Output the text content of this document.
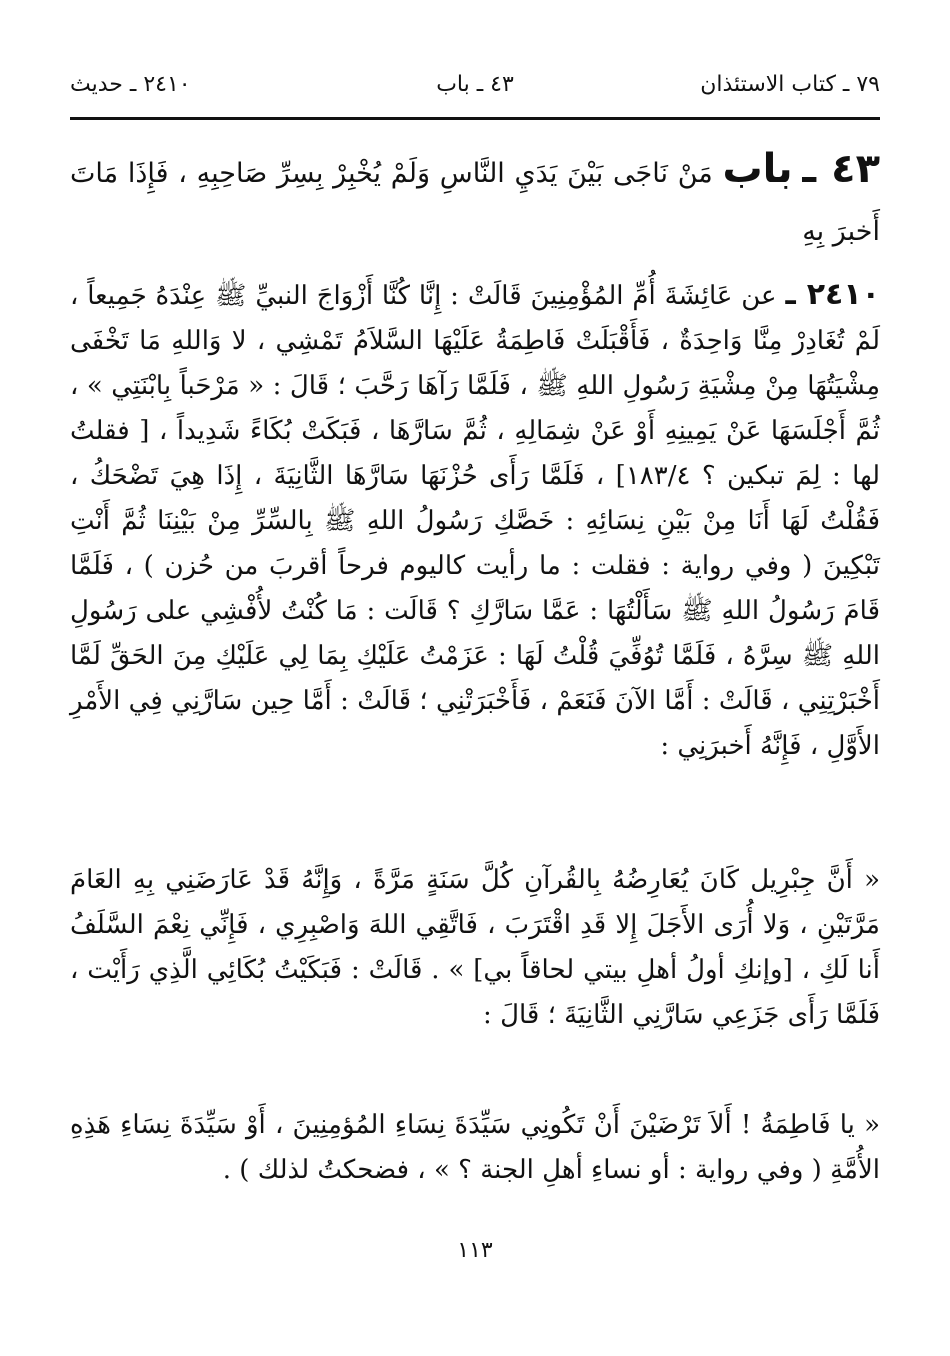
٧٩ ـ كتاب الاستئذان
٤٣ ـ باب
٢٤١٠ ـ حديث
٤٣ ـ باب مَنْ نَاجَى بَيْنَ يَدَيِ النَّاسِ وَلَمْ يُخْبِرْ بِسِرِّ صَاحِبِهِ ، فَإِذَا مَاتَ أَخبرَ بِهِ
٢٤١٠ ـ عن عَائِشَةَ أُمِّ المُؤْمِنِينَ قَالَتْ : إِنَّا كُنَّا أَزْوَاجَ النبيِّ ﷺ عِنْدَهُ جَمِيعاً ، لَمْ تُغَادِرْ مِنَّا وَاحِدَةٌ ، فَأَقْبَلَتْ فَاطِمَةُ عَلَيْهَا السَّلاَمُ تَمْشِي ، لا وَاللهِ مَا تَخْفَى مِشْيَتُهَا مِنْ مِشْيَةِ رَسُولِ اللهِ ﷺ ، فَلَمَّا رَآهَا رَحَّبَ ؛ قَالَ : « مَرْحَباً بِابْنَتِي » ، ثُمَّ أَجْلَسَهَا عَنْ يَمِينِهِ أَوْ عَنْ شِمَالِهِ ، ثُمَّ سَارَّهَا ، فَبَكَتْ بُكَاءً شَدِيداً ، [ فقلتُ لها : لِمَ تبكين ؟ ١٨٣/٤] ، فَلَمَّا رَأَى حُزْنَهَا سَارَّهَا الثَّانِيَةَ ، إِذَا هِيَ تَضْحَكُ ، فَقُلْتُ لَهَا أَنَا مِنْ بَيْنِ نِسَائِهِ : خَصَّكِ رَسُولُ اللهِ ﷺ بِالسِّرِّ مِنْ بَيْنِنَا ثُمَّ أَنْتِ تَبْكِينَ ( وفي رواية : فقلت : ما رأيت كاليوم فرحاً أقربَ من حُزن ) ، فَلَمَّا قَامَ رَسُولُ اللهِ ﷺ سَأَلْتُهَا : عَمَّا سَارَّكِ ؟ قَالَت : مَا كُنْتُ لأُفْشِي على رَسُولِ اللهِ ﷺ سِرَّهُ ، فَلَمَّا تُوُفِّيَ قُلْتُ لَهَا : عَزَمْتُ عَلَيْكِ بِمَا لِي عَلَيْكِ مِنَ الحَقِّ لَمَّا أَخْبَرْتِنِي ، قَالَتْ : أَمَّا الآنَ فَنَعَمْ ، فَأَخْبَرَتْنِي ؛ قَالَتْ : أَمَّا حِين سَارَّنِي فِي الأَمْرِ الأَوَّلِ ، فَإِنَّهُ أَخبرَنِي :
« أَنَّ جِبْرِيل كَانَ يُعَارِضُهُ بِالقُرآنِ كُلَّ سَنَةٍ مَرَّةً ، وَإِنَّهُ قَدْ عَارَضَنِي بِهِ العَامَ مَرَّتَيْنِ ، وَلا أُرَى الأَجَلَ إِلا قَدِ اقْتَرَبَ ، فَاتَّقِي اللهَ وَاصْبِرِي ، فَإِنِّي نِعْمَ السَّلَفُ أَنا لَكِ ، [وإنكِ أولُ أهلِ بيتي لحاقاً بي] » . قَالَتْ : فَبَكَيْتُ بُكَائِي الَّذِي رَأَيْت ، فَلَمَّا رَأَى جَزَعِي سَارَّنِي الثَّانِيَةَ ؛ قَالَ :
« يا فَاطِمَةُ ! أَلاَ تَرْضَيْنَ أَنْ تَكُونِي سَيِّدَةَ نِسَاءِ المُؤمِنِينَ ، أَوْ سَيِّدَةَ نِسَاءِ هَذِهِ الأُمَّةِ ( وفي رواية : أو نساءِ أهلِ الجنة ؟ » ، فضحكتُ لذلك ) .
١١٣
